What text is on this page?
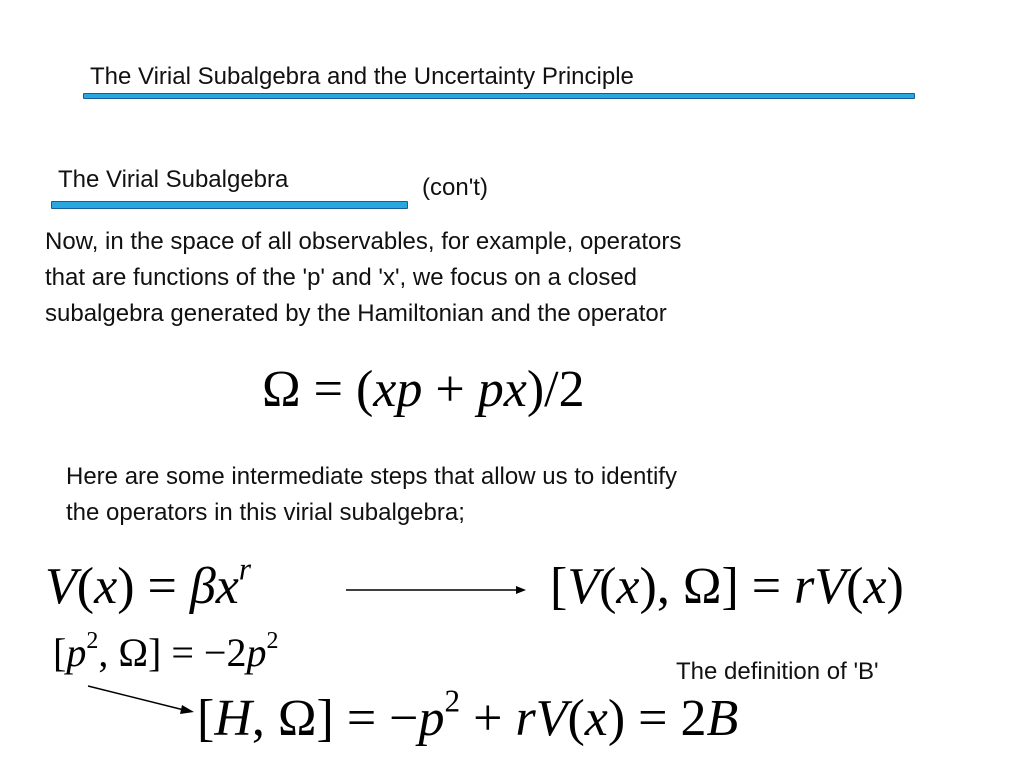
The Virial Subalgebra and the Uncertainty Principle
The Virial Subalgebra	(con't)
Now, in the space of all observables, for example, operators
that are functions of the 'p' and 'x', we focus on a closed
subalgebra generated by the Hamiltonian and the operator
Ω = (xp + px)/2
Here are some intermediate steps that allow us to identify
the operators in this virial subalgebra;
$V(x) = \beta x^r$	[V(x), Ω] = rV(x)
[$p^2$, $\Omega] = -2p^2$
The definition of 'B'
[H, $\Omega] = -p^2 + rV(x) = 2B$
